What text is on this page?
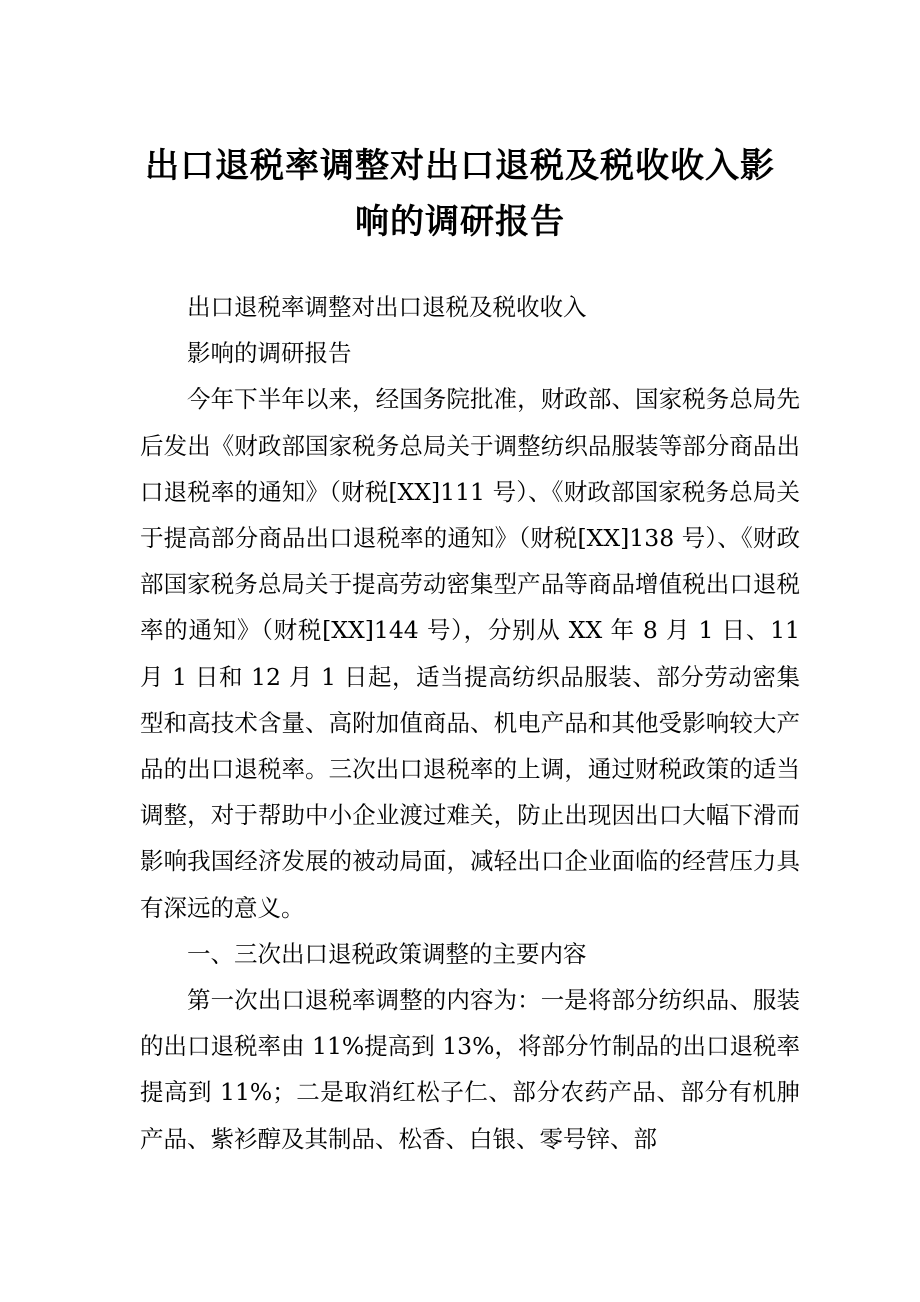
出口退税率调整对出口退税及税收收入影
响的调研报告

出口退税率调整对出口退税及税收收入

影响的调研报告

今年下半年以来，经国务院批准，财政部、国家税务总局先后发出《财政部国家税务总局关于调整纺织品服装等部分商品出口退税率的通知》（财税[XX]111 号）、《财政部国家税务总局关于提高部分商品出口退税率的通知》（财税[XX]138 号）、《财政部国家税务总局关于提高劳动密集型产品等商品增值税出口退税率的通知》（财税[XX]144 号），分别从 XX 年 8 月 1 日、11 月 1 日和 12 月 1 日起，适当提高纺织品服装、部分劳动密集型和高技术含量、高附加值商品、机电产品和其他受影响较大产品的出口退税率。三次出口退税率的上调，通过财税政策的适当调整，对于帮助中小企业渡过难关，防止出现因出口大幅下滑而影响我国经济发展的被动局面，减轻出口企业面临的经营压力具有深远的意义。

一、三次出口退税政策调整的主要内容

第一次出口退税率调整的内容为：一是将部分纺织品、服装的出口退税率由 11%提高到 13%，将部分竹制品的出口退税率提高到 11%；二是取消红松子仁、部分农药产品、部分有机胂产品、紫衫醇及其制品、松香、白银、零号锌、部
